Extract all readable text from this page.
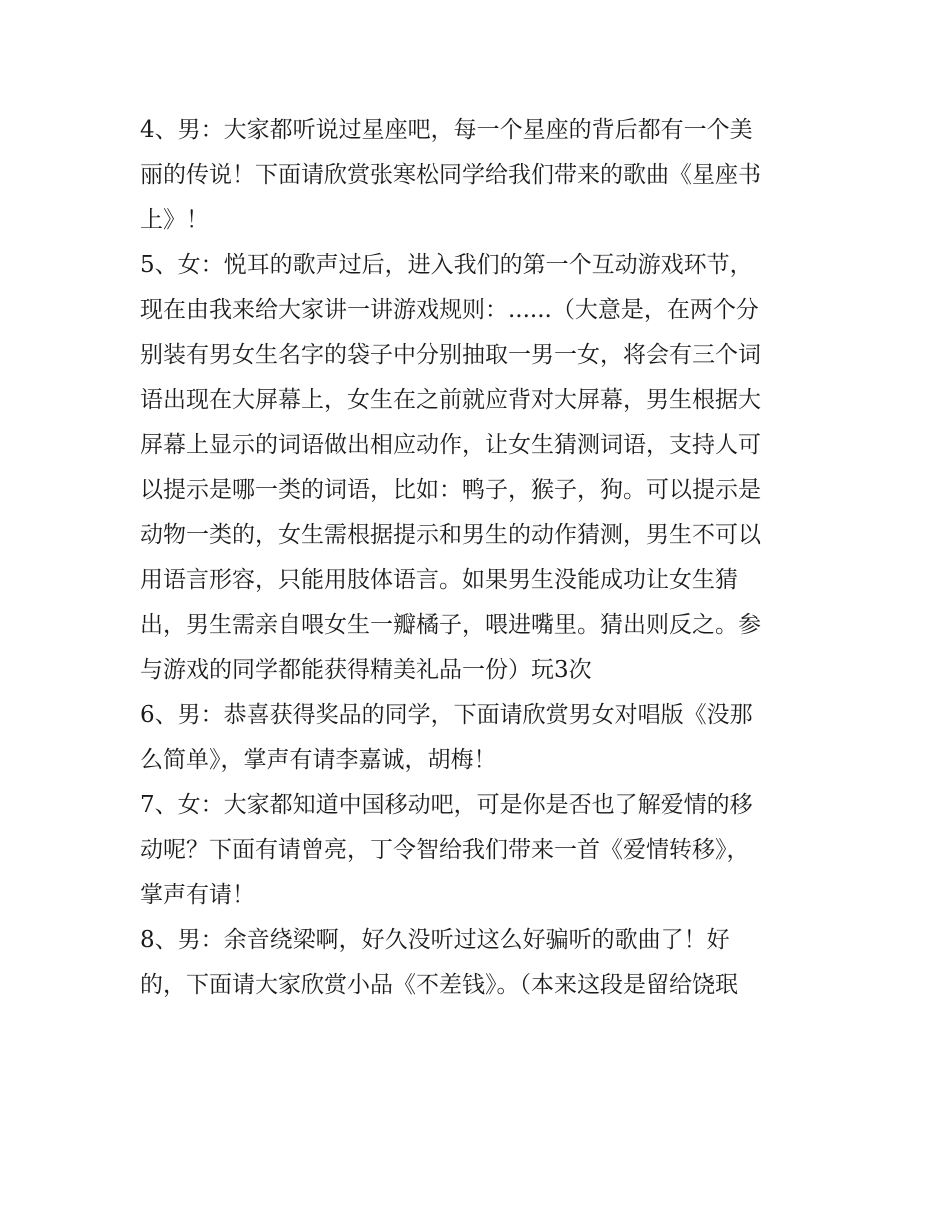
4、男：大家都听说过星座吧，每一个星座的背后都有一个美
丽的传说！下面请欣赏张寒松同学给我们带来的歌曲《星座书
上》！
5、女：悦耳的歌声过后，进入我们的第一个互动游戏环节，
现在由我来给大家讲一讲游戏规则：......（大意是，在两个分
别装有男女生名字的袋子中分别抽取一男一女，将会有三个词
语出现在大屏幕上，女生在之前就应背对大屏幕，男生根据大
屏幕上显示的词语做出相应动作，让女生猜测词语，支持人可
以提示是哪一类的词语，比如：鸭子，猴子，狗。可以提示是
动物一类的，女生需根据提示和男生的动作猜测，男生不可以
用语言形容，只能用肢体语言。如果男生没能成功让女生猜
出，男生需亲自喂女生一瓣橘子，喂进嘴里。猜出则反之。参
与游戏的同学都能获得精美礼品一份）玩3次
6、男：恭喜获得奖品的同学，下面请欣赏男女对唱版《没那
么简单》，掌声有请李嘉诚，胡梅！
7、女：大家都知道中国移动吧，可是你是否也了解爱情的移
动呢？下面有请曾亮，丁令智给我们带来一首《爱情转移》，
掌声有请！
8、男：余音绕梁啊，好久没听过这么好骗听的歌曲了！好
的，下面请大家欣赏小品《不差钱》。（本来这段是留给饶珉
